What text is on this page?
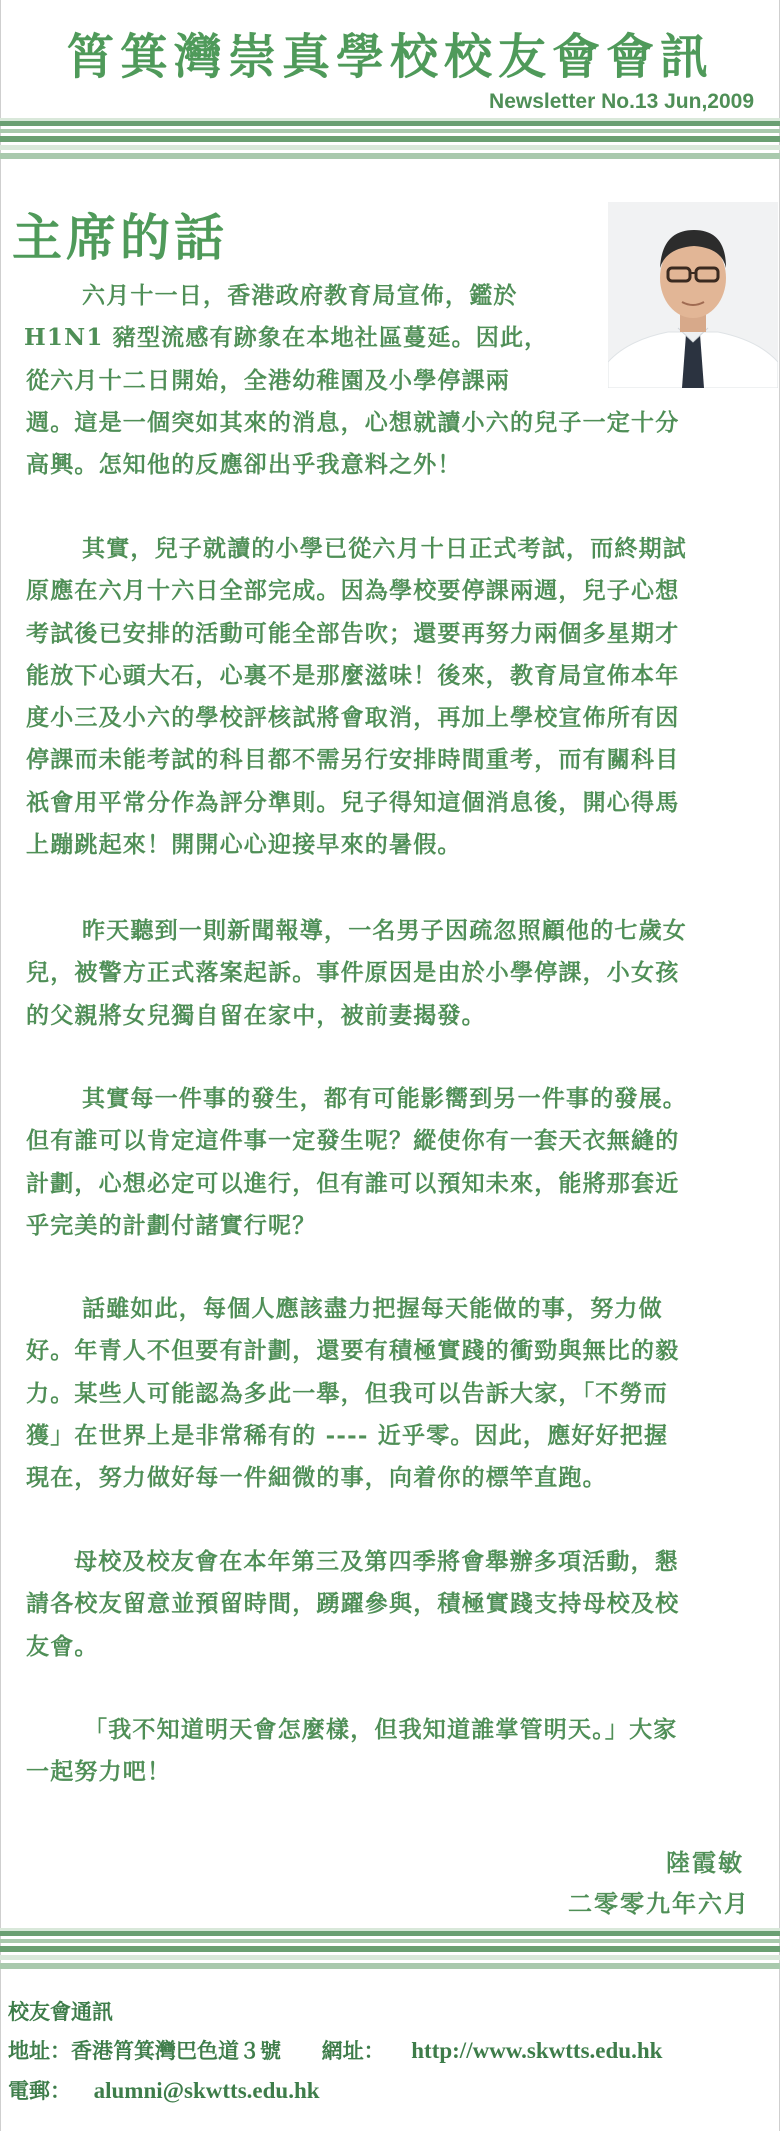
筲箕灣崇真學校校友會會訊
Newsletter No.13 Jun,2009
主席的話
六月十一日，香港政府教育局宣佈，鑑於
H1N1 豬型流感有跡象在本地社區蔓延。因此，
從六月十二日開始，全港幼稚園及小學停課兩
週。這是一個突如其來的消息，心想就讀小六的兒子一定十分
高興。怎知他的反應卻出乎我意料之外！
其實，兒子就讀的小學已從六月十日正式考試，而終期試
原應在六月十六日全部完成。因為學校要停課兩週，兒子心想
考試後已安排的活動可能全部告吹；還要再努力兩個多星期才
能放下心頭大石，心裏不是那麼滋味！後來，教育局宣佈本年
度小三及小六的學校評核試將會取消，再加上學校宣佈所有因
停課而未能考試的科目都不需另行安排時間重考，而有關科目
祇會用平常分作為評分準則。兒子得知這個消息後，開心得馬
上蹦跳起來！開開心心迎接早來的暑假。
昨天聽到一則新聞報導，一名男子因疏忽照顧他的七歲女
兒，被警方正式落案起訴。事件原因是由於小學停課，小女孩
的父親將女兒獨自留在家中，被前妻揭發。
其實每一件事的發生，都有可能影嚮到另一件事的發展。
但有誰可以肯定這件事一定發生呢？縱使你有一套天衣無縫的
計劃，心想必定可以進行，但有誰可以預知未來，能將那套近
乎完美的計劃付諸實行呢？
話雖如此，每個人應該盡力把握每天能做的事，努力做
好。年青人不但要有計劃，還要有積極實踐的衝勁與無比的毅
力。某些人可能認為多此一舉，但我可以告訴大家，「不勞而
獲」在世界上是非常稀有的 ---- 近乎零。因此，應好好把握
現在，努力做好每一件細微的事，向着你的標竿直跑。
母校及校友會在本年第三及第四季將會舉辦多項活動，懇
請各校友留意並預留時間，踴躍參與，積極實踐支持母校及校
友會。
「我不知道明天會怎麼樣，但我知道誰掌管明天。」大家
一起努力吧！
陸霞敏
二零零九年六月
校友會通訊
地址：香港筲箕灣巴色道３號 網址： http://www.skwtts.edu.hk
電郵： alumni@skwtts.edu.hk
